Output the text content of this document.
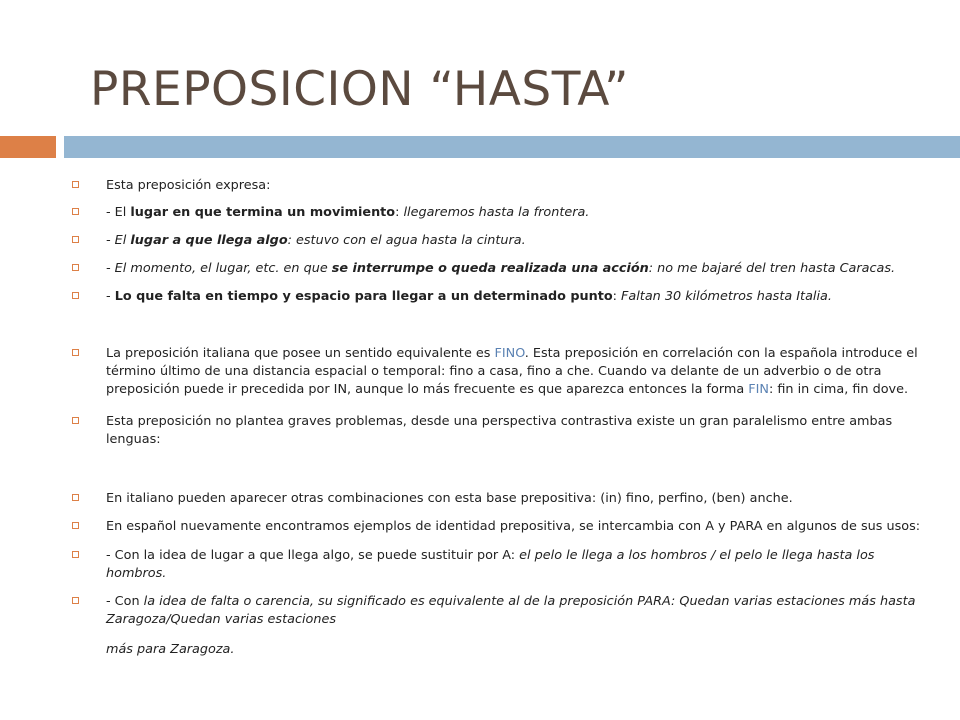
PREPOSICION “HASTA”
Esta preposición expresa:
- El lugar en que termina un movimiento: llegaremos hasta la frontera.
- El lugar a que llega algo: estuvo con el agua hasta la cintura.
- El momento, el lugar, etc. en que se interrumpe o queda realizada una acción: no me bajaré del tren hasta Caracas.
- Lo que falta en tiempo y espacio para llegar a un determinado punto: Faltan 30 kilómetros hasta Italia.
La preposición italiana que posee un sentido equivalente es FINO. Esta preposición en correlación con la española introduce el término último de una distancia espacial o temporal: fino a casa, fino a che. Cuando va delante de un adverbio o de otra preposición puede ir precedida por IN, aunque lo más frecuente es que aparezca entonces la forma FIN: fin in cima, fin dove.
Esta preposición no plantea graves problemas, desde una perspectiva contrastiva existe un gran paralelismo entre ambas lenguas:
En italiano pueden aparecer otras combinaciones con esta base prepositiva: (in) fino, perfino, (ben) anche.
En español nuevamente encontramos ejemplos de identidad prepositiva, se intercambia con A y PARA en algunos de sus usos:
- Con la idea de lugar a que llega algo, se puede sustituir por A: el pelo le llega a los hombros / el pelo le llega hasta los hombros.
- Con la idea de falta o carencia, su significado es equivalente al de la preposición PARA: Quedan varias estaciones más hasta Zaragoza/Quedan varias estaciones
más para Zaragoza.
